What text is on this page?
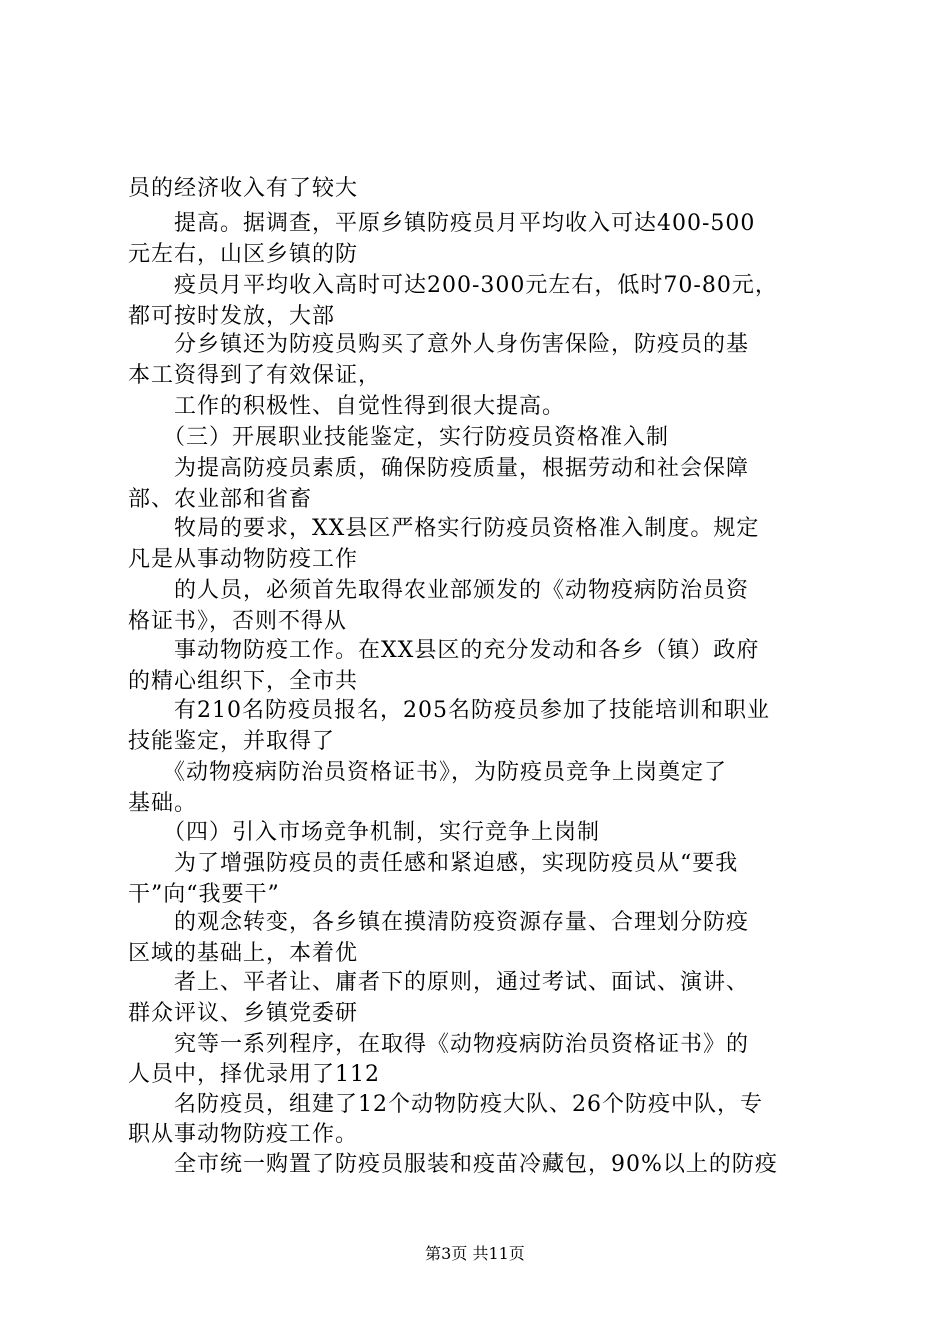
员的经济收入有了较大
　　提高。据调查，平原乡镇防疫员月平均收入可达400-500
元左右，山区乡镇的防
　　疫员月平均收入高时可达200-300元左右，低时70-80元，
都可按时发放，大部
　　分乡镇还为防疫员购买了意外人身伤害保险，防疫员的基
本工资得到了有效保证，
　　工作的积极性、自觉性得到很大提高。
　　（三）开展职业技能鉴定，实行防疫员资格准入制
　　为提高防疫员素质，确保防疫质量，根据劳动和社会保障
部、农业部和省畜
　　牧局的要求，XX县区严格实行防疫员资格准入制度。规定
凡是从事动物防疫工作
　　的人员，必须首先取得农业部颁发的《动物疫病防治员资
格证书》，否则不得从
　　事动物防疫工作。在XX县区的充分发动和各乡（镇）政府
的精心组织下，全市共
　　有210名防疫员报名，205名防疫员参加了技能培训和职业
技能鉴定，并取得了
　　《动物疫病防治员资格证书》，为防疫员竞争上岗奠定了
基础。
　　（四）引入市场竞争机制，实行竞争上岗制
　　为了增强防疫员的责任感和紧迫感，实现防疫员从“要我
干”向“我要干”
　　的观念转变，各乡镇在摸清防疫资源存量、合理划分防疫
区域的基础上，本着优
　　者上、平者让、庸者下的原则，通过考试、面试、演讲、
群众评议、乡镇党委研
　　究等一系列程序，在取得《动物疫病防治员资格证书》的
人员中，择优录用了112
　　名防疫员，组建了12个动物防疫大队、26个防疫中队，专
职从事动物防疫工作。
　　全市统一购置了防疫员服装和疫苗冷藏包，90%以上的防疫
第3页 共11页
